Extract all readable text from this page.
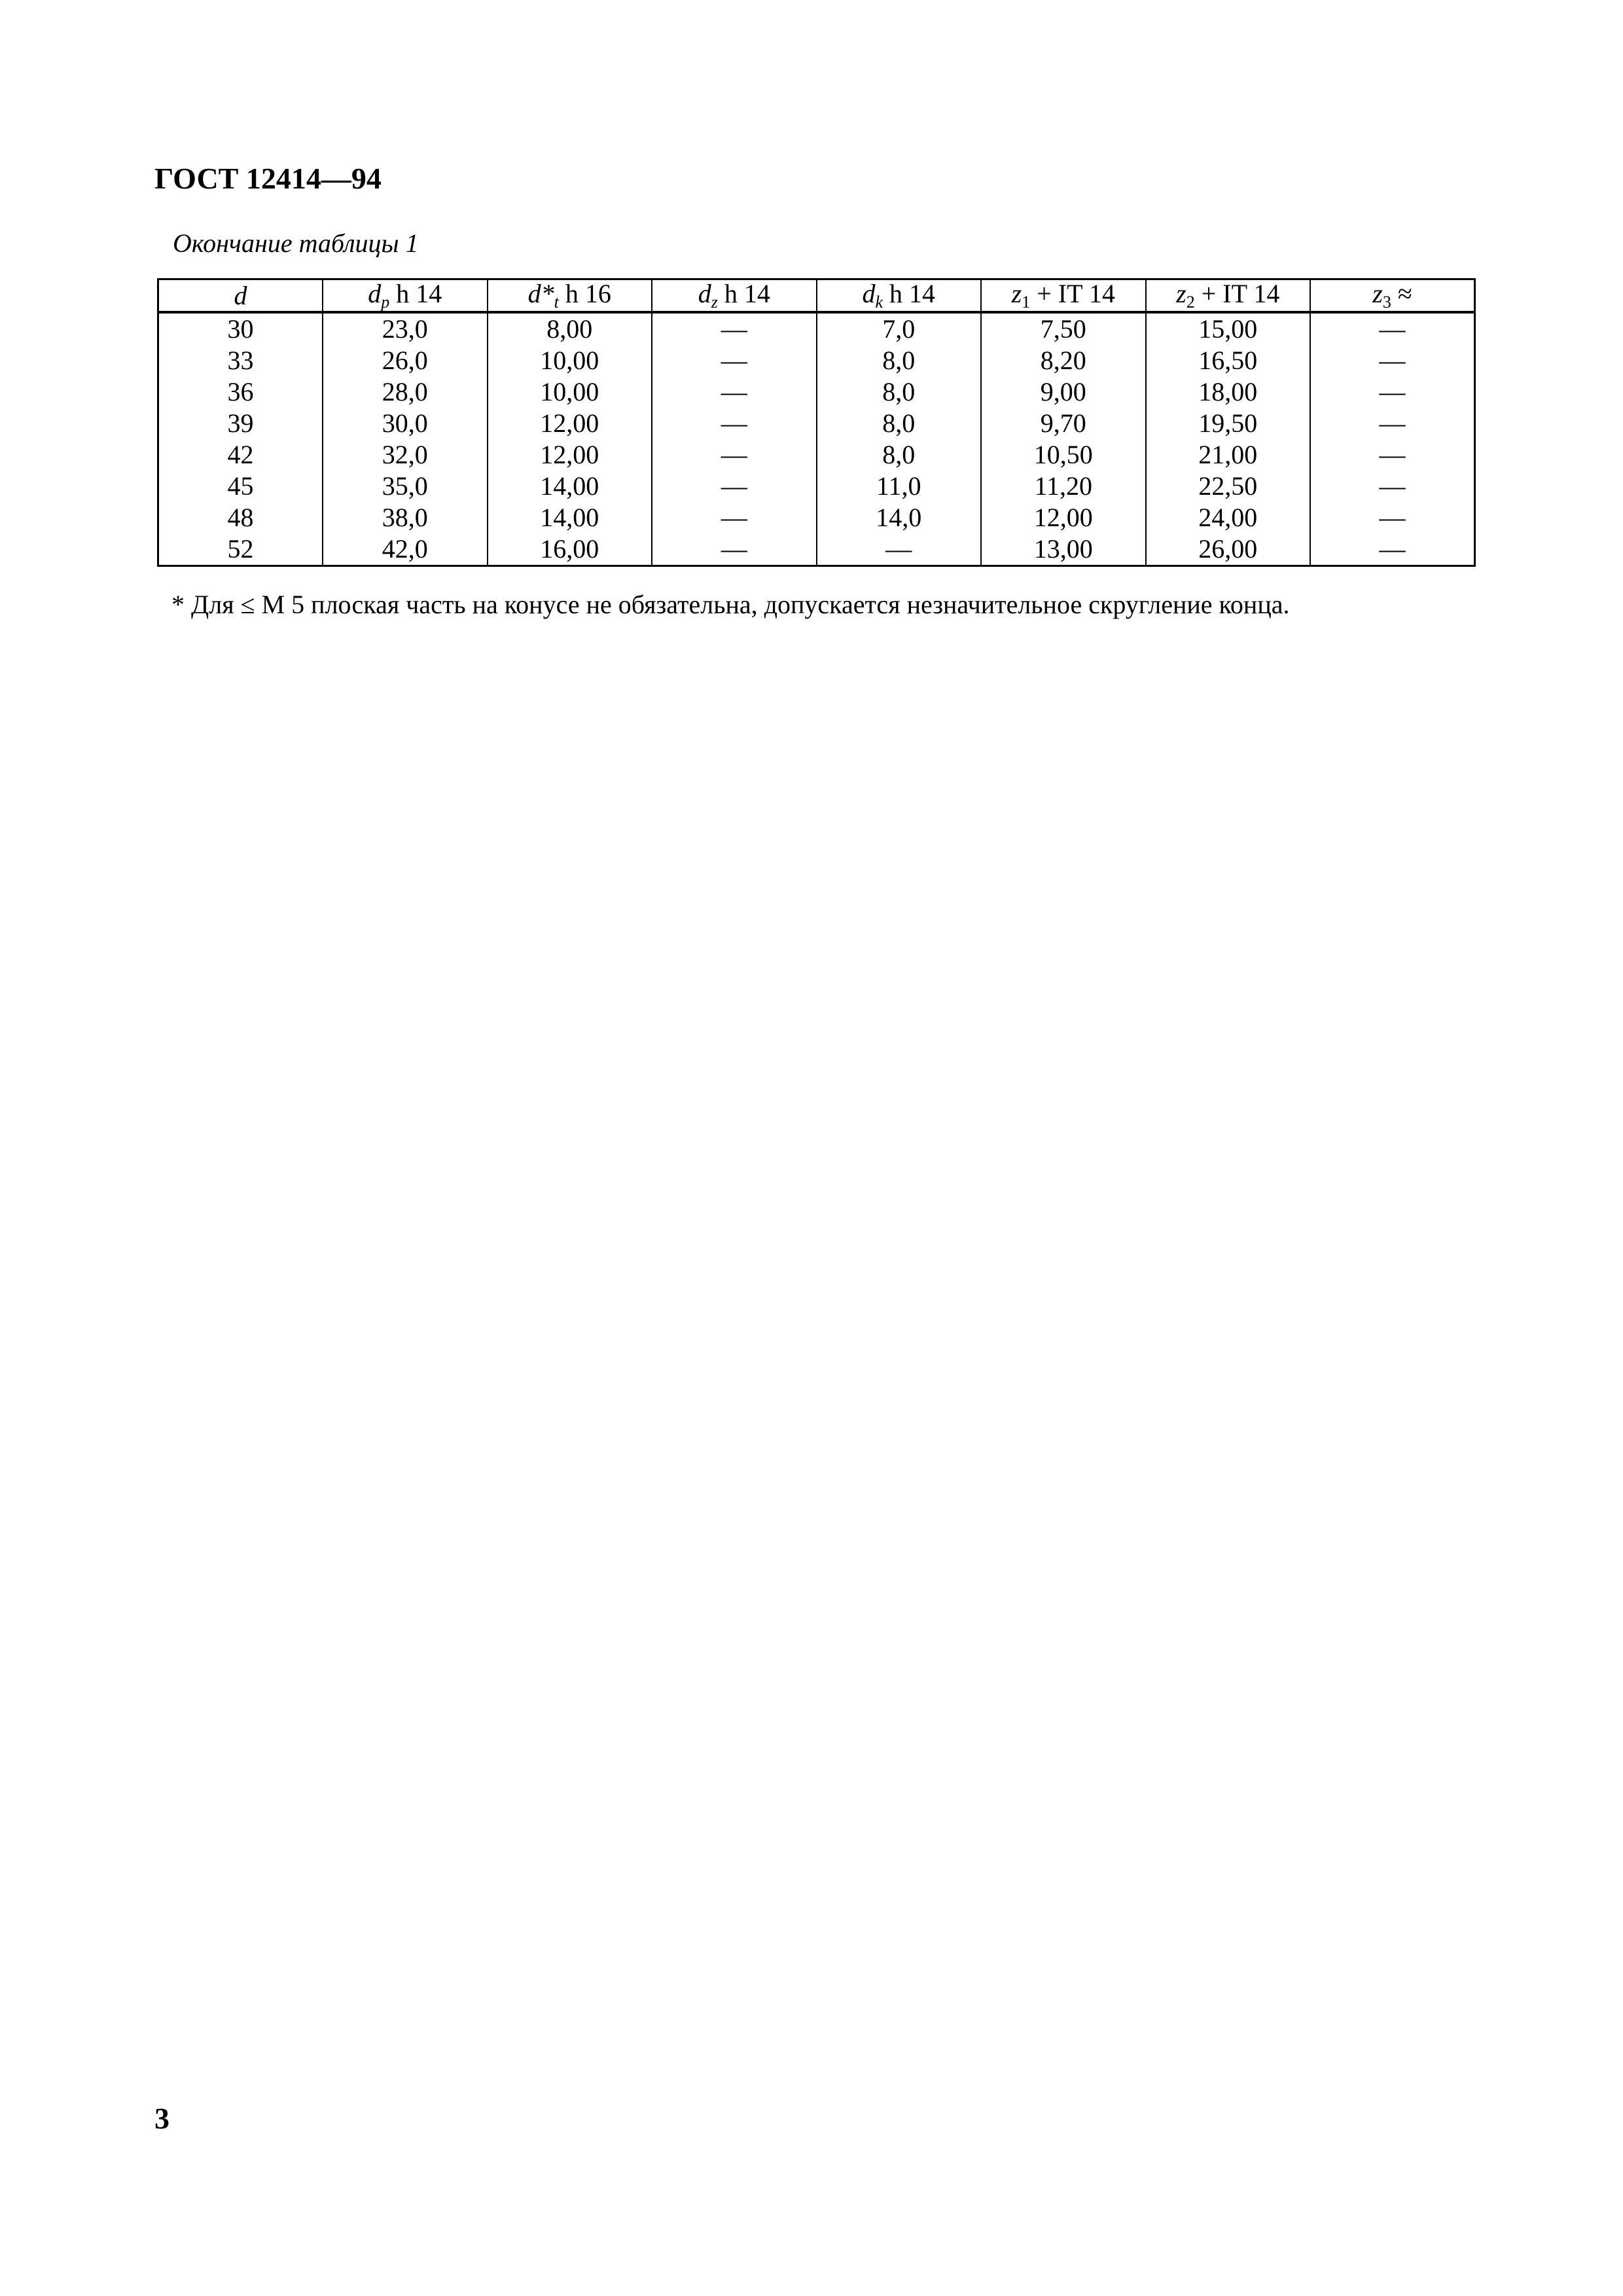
ГОСТ 12414—94
Окончание таблицы 1
d	$d_p$ h 14	$d*_t$ h 16	$d_z$ h 14	$d_k$ h 14	$z_1$ + IT 14	$z_2$ + IT 14	$z_3$ ≈
30	23,0	8,00	—	7,0	7,50	15,00	—
33	26,0	10,00	—	8,0	8,20	16,50	—
36	28,0	10,00	—	8,0	9,00	18,00	—
39	30,0	12,00	—	8,0	9,70	19,50	—
42	32,0	12,00	—	8,0	10,50	21,00	—
45	35,0	14,00	—	11,0	11,20	22,50	—
48	38,0	14,00	—	14,0	12,00	24,00	—
52	42,0	16,00	—	—	13,00	26,00	—
* Для ≤ M 5 плоская часть на конусе не обязательна, допускается незначительное скругление конца.
3
